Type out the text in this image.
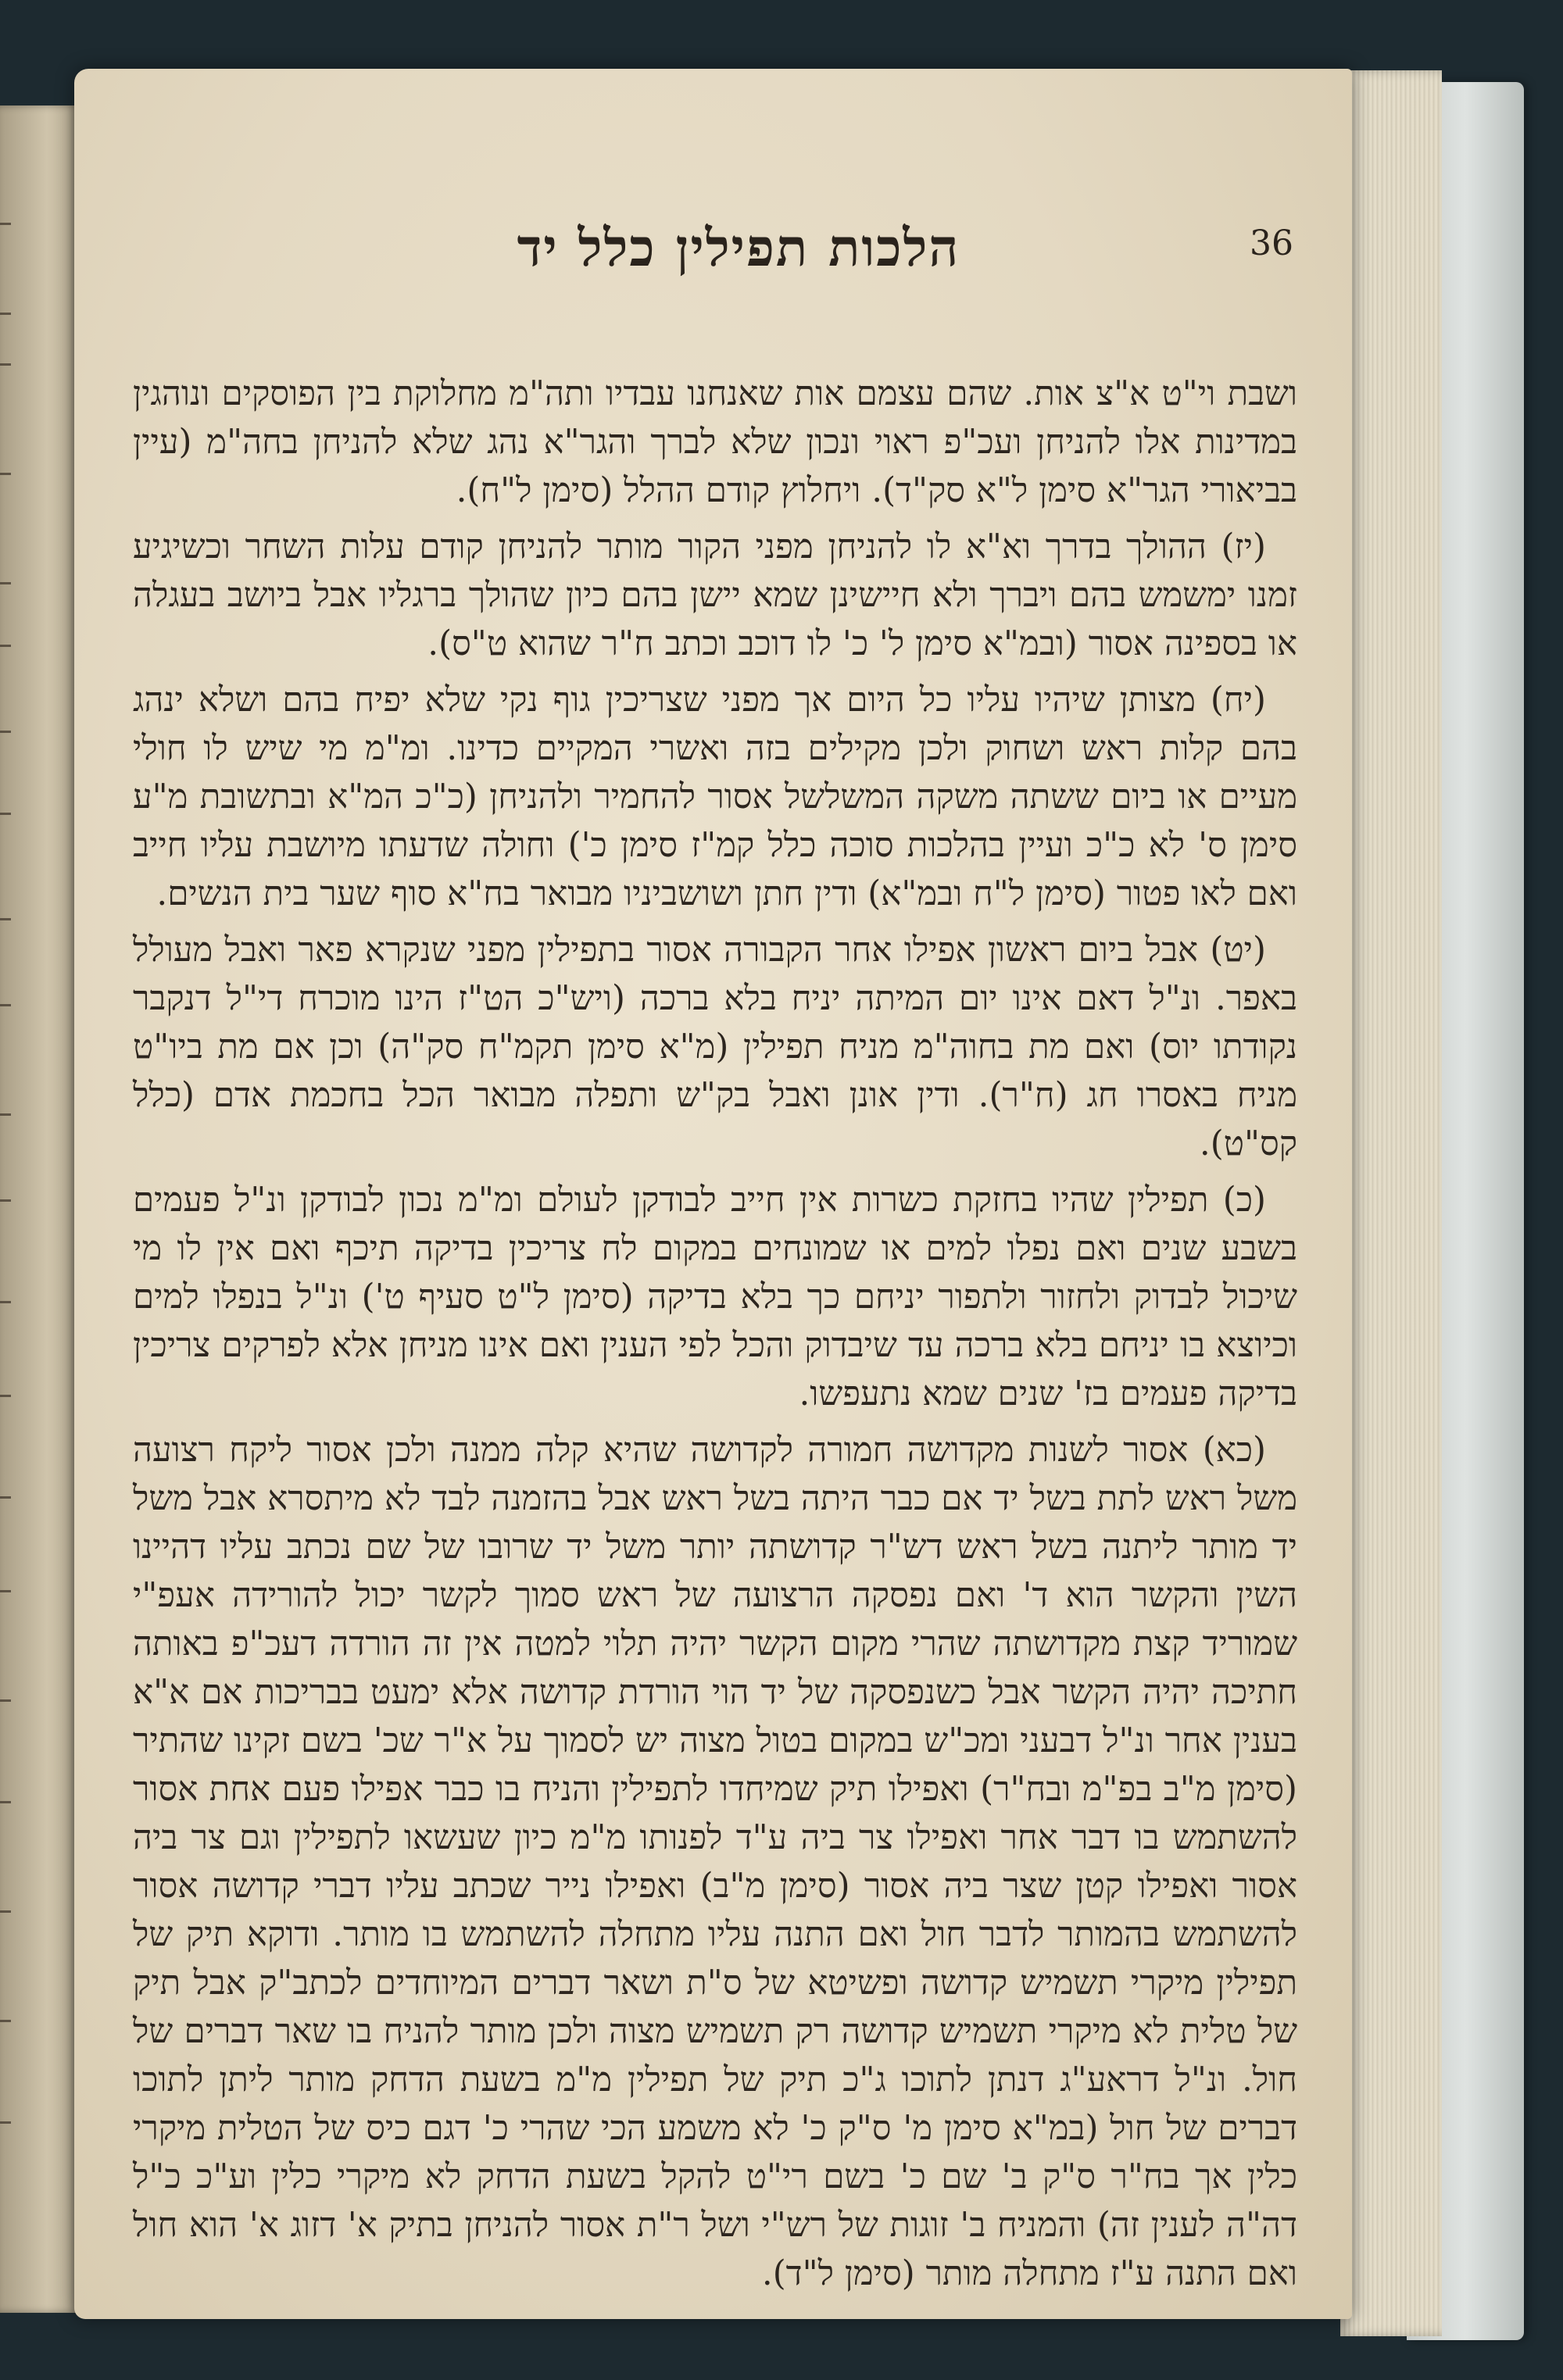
הלכות תפילין כלל יד	36

ושבת וי"ט א"צ אות. שהם עצמם אות שאנחנו עבדיו ותה"מ מחלוקת בין הפוסקים ונוהגין במדינות אלו להניחן ועכ"פ ראוי ונכון שלא לברך והגר"א נהג שלא להניחן בחה"מ (עיין בביאורי הגר"א סימן ל"א סק"ד). ויחלוץ קודם ההלל (סימן ל"ח).

(יז) ההולך בדרך וא"א לו להניחן מפני הקור מותר להניחן קודם עלות השחר וכשיגיע זמנו ימשמש בהם ויברך ולא חיישינן שמא יישן בהם כיון שהולך ברגליו אבל ביושב בעגלה או בספינה אסור (ובמ"א סימן ל' כ' לו דוכב וכתב ח"ר שהוא ט"ס).

(יח) מצותן שיהיו עליו כל היום אך מפני שצריכין גוף נקי שלא יפיח בהם ושלא ינהג בהם קלות ראש ושחוק ולכן מקילים בזה ואשרי המקיים כדינו. ומ"מ מי שיש לו חולי מעיים או ביום ששתה משקה המשלשל אסור להחמיר ולהניחן (כ"כ המ"א ובתשובת מ"ע סימן ס' לא כ"כ ועיין בהלכות סוכה כלל קמ"ז סימן כ') וחולה שדעתו מיושבת עליו חייב ואם לאו פטור (סימן ל"ח ובמ"א) ודין חתן ושושביניו מבואר בח"א סוף שער בית הנשים.

(יט) אבל ביום ראשון אפילו אחר הקבורה אסור בתפילין מפני שנקרא פאר ואבל מעולל באפר. ונ"ל דאם אינו יום המיתה יניח בלא ברכה (ויש"כ הט"ז הינו מוכרח די"ל דנקבר נקודתו יוס) ואם מת בחוה"מ מניח תפילין (מ"א סימן תקמ"ח סק"ה) וכן אם מת ביו"ט מניח באסרו חג (ח"ר). ודין אונן ואבל בק"ש ותפלה מבואר הכל בחכמת אדם (כלל קס"ט).

(כ) תפילין שהיו בחזקת כשרות אין חייב לבודקן לעולם ומ"מ נכון לבודקן ונ"ל פעמים בשבע שנים ואם נפלו למים או שמונחים במקום לח צריכין בדיקה תיכף ואם אין לו מי שיכול לבדוק ולחזור ולתפור יניחם כך בלא בדיקה (סימן ל"ט סעיף ט') ונ"ל בנפלו למים וכיוצא בו יניחם בלא ברכה עד שיבדוק והכל לפי הענין ואם אינו מניחן אלא לפרקים צריכין בדיקה פעמים בז' שנים שמא נתעפשו.

(כא) אסור לשנות מקדושה חמורה לקדושה שהיא קלה ממנה ולכן אסור ליקח רצועה משל ראש לתת בשל יד אם כבר היתה בשל ראש אבל בהזמנה לבד לא מיתסרא אבל משל יד מותר ליתנה בשל ראש דש"ר קדושתה יותר משל יד שרובו של שם נכתב עליו דהיינו השין והקשר הוא ד' ואם נפסקה הרצועה של ראש סמוך לקשר יכול להורידה אעפ"י שמוריד קצת מקדושתה שהרי מקום הקשר יהיה תלוי למטה אין זה הורדה דעכ"פ באותה חתיכה יהיה הקשר אבל כשנפסקה של יד הוי הורדת קדושה אלא ימעט בבריכות אם א"א בענין אחר ונ"ל דבעני ומכ"ש במקום בטול מצוה יש לסמוך על א"ר שכ' בשם זקינו שהתיר (סימן מ"ב בפ"מ ובח"ר) ואפילו תיק שמיחדו לתפילין והניח בו כבר אפילו פעם אחת אסור להשתמש בו דבר אחר ואפילו צר ביה ע"ד לפנותו מ"מ כיון שעשאו לתפילין וגם צר ביה אסור ואפילו קטן שצר ביה אסור (סימן מ"ב) ואפילו נייר שכתב עליו דברי קדושה אסור להשתמש בהמותר לדבר חול ואם התנה עליו מתחלה להשתמש בו מותר. ודוקא תיק של תפילין מיקרי תשמיש קדושה ופשיטא של ס"ת ושאר דברים המיוחדים לכתב"ק אבל תיק של טלית לא מיקרי תשמיש קדושה רק תשמיש מצוה ולכן מותר להניח בו שאר דברים של חול. ונ"ל דראע"ג דנתן לתוכו ג"כ תיק של תפילין מ"מ בשעת הדחק מותר ליתן לתוכו דברים של חול (במ"א סימן מ' ס"ק כ' לא משמע הכי שהרי כ' דגם כיס של הטלית מיקרי כלין אך בח"ר ס"ק ב' שם כ' בשם רי"ט להקל בשעת הדחק לא מיקרי כלין וע"כ כ"ל דה"ה לענין זה) והמניח ב' זוגות של רש"י ושל ר"ת אסור להניחן בתיק א' דזוג א' הוא חול ואם התנה ע"ז מתחלה מותר (סימן ל"ד).
